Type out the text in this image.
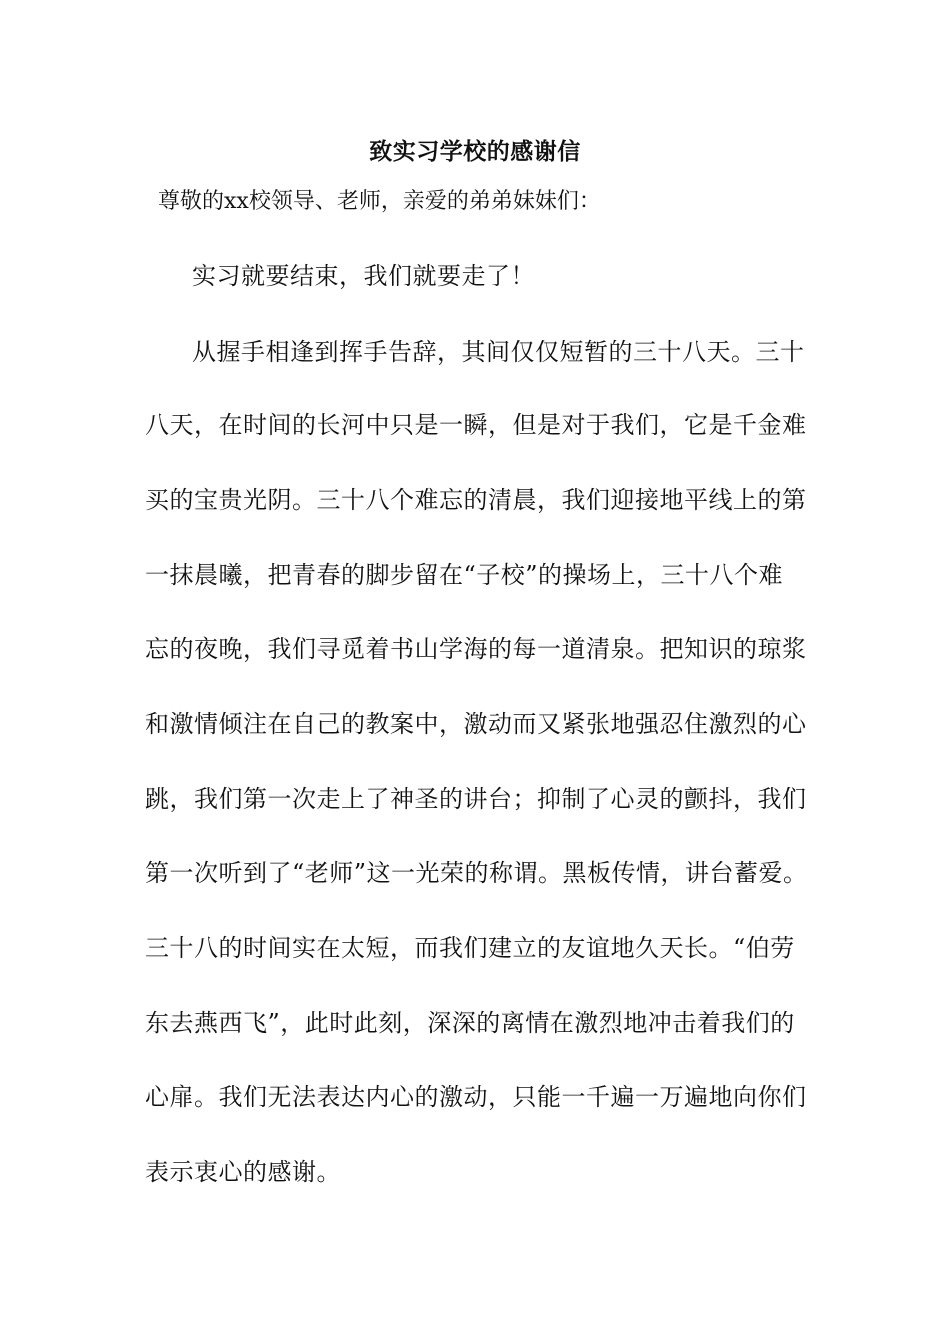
致实习学校的感谢信
尊敬的xx校领导、老师，亲爱的弟弟妹妹们：
实习就要结束，我们就要走了！
从握手相逢到挥手告辞，其间仅仅短暂的三十八天。三十
八天，在时间的长河中只是一瞬，但是对于我们，它是千金难
买的宝贵光阴。三十八个难忘的清晨，我们迎接地平线上的第
一抹晨曦，把青春的脚步留在“子校”的操场上，三十八个难
忘的夜晚，我们寻觅着书山学海的每一道清泉。把知识的琼浆
和激情倾注在自己的教案中，激动而又紧张地强忍住激烈的心
跳，我们第一次走上了神圣的讲台；抑制了心灵的颤抖，我们
第一次听到了“老师”这一光荣的称谓。黑板传情，讲台蓄爱。
三十八的时间实在太短，而我们建立的友谊地久天长。“伯劳
东去燕西飞”，此时此刻，深深的离情在激烈地冲击着我们的
心扉。我们无法表达内心的激动，只能一千遍一万遍地向你们
表示衷心的感谢。
